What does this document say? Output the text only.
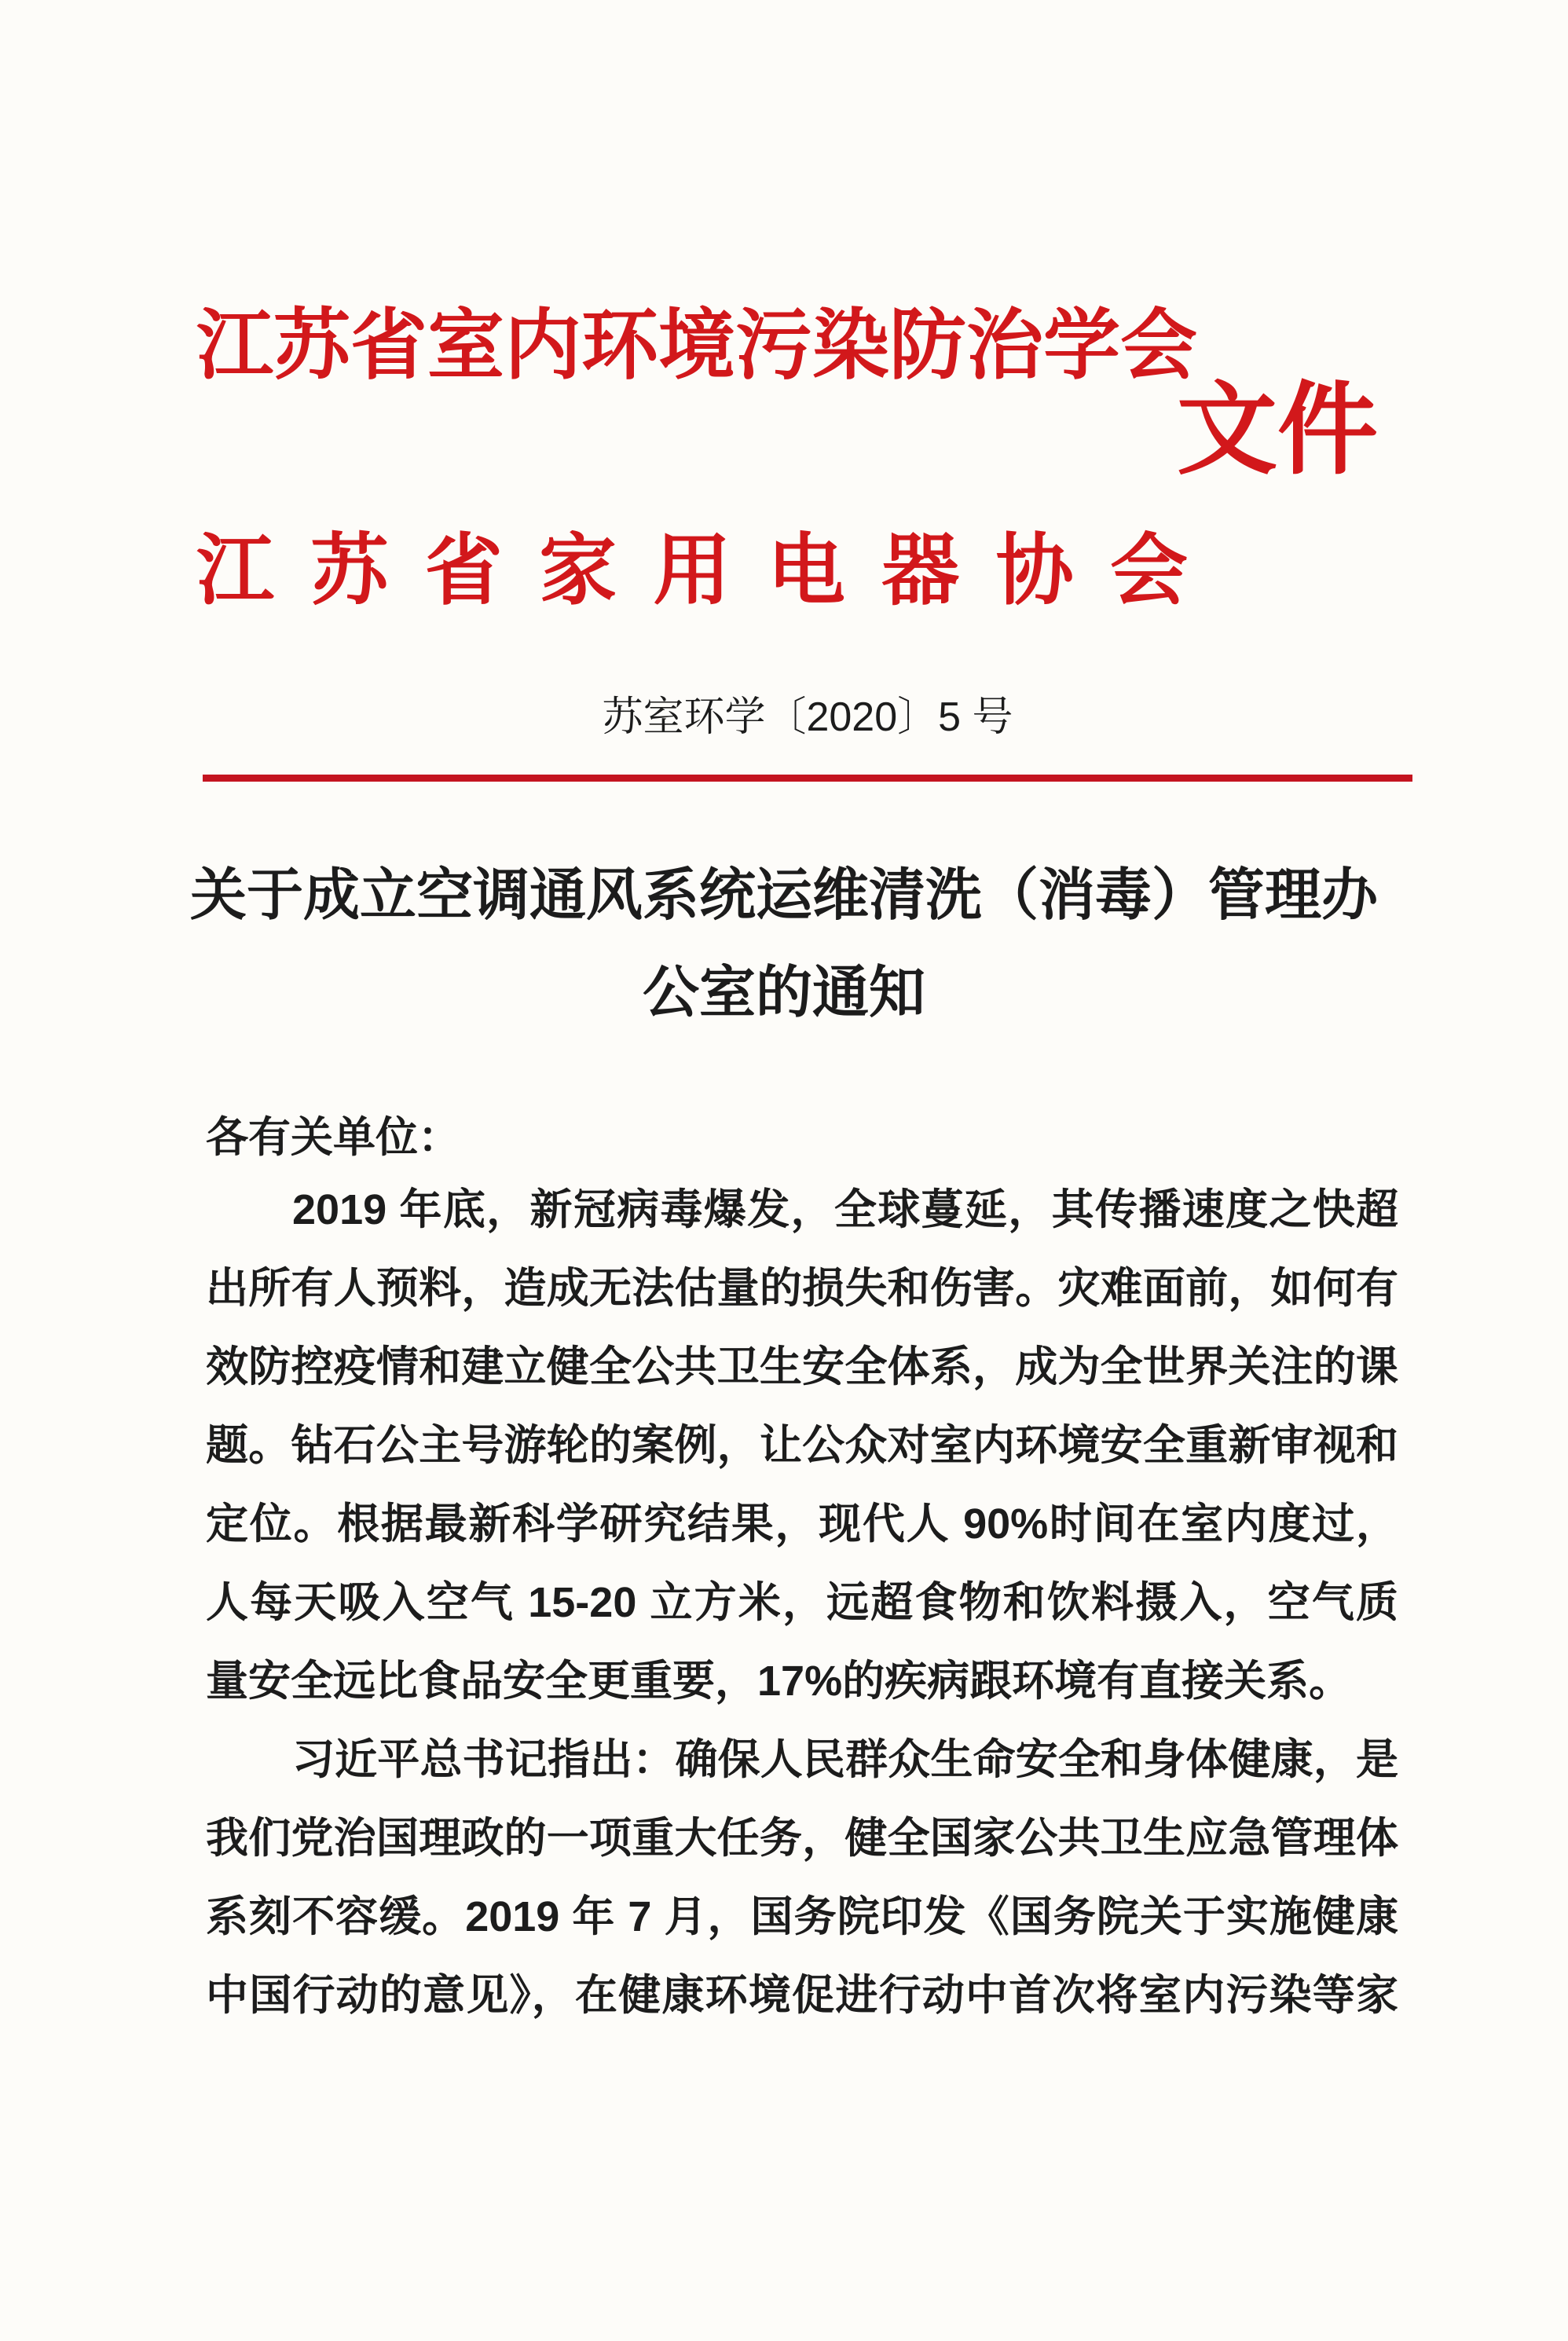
江苏省室内环境污染防治学会
文件
江苏省家用电器协会
苏室环学〔2020〕5 号
关于成立空调通风系统运维清洗（消毒）管理办
公室的通知
各有关单位：
2019 年底，新冠病毒爆发，全球蔓延，其传播速度之快超
出所有人预料，造成无法估量的损失和伤害。灾难面前，如何有
效防控疫情和建立健全公共卫生安全体系，成为全世界关注的课
题。钻石公主号游轮的案例，让公众对室内环境安全重新审视和
定位。根据最新科学研究结果，现代人 90%时间在室内度过，
人每天吸入空气 15-20 立方米，远超食物和饮料摄入，空气质
量安全远比食品安全更重要，17%的疾病跟环境有直接关系。
习近平总书记指出：确保人民群众生命安全和身体健康，是
我们党治国理政的一项重大任务，健全国家公共卫生应急管理体
系刻不容缓。2019 年 7 月，国务院印发《国务院关于实施健康
中国行动的意见》，在健康环境促进行动中首次将室内污染等家
